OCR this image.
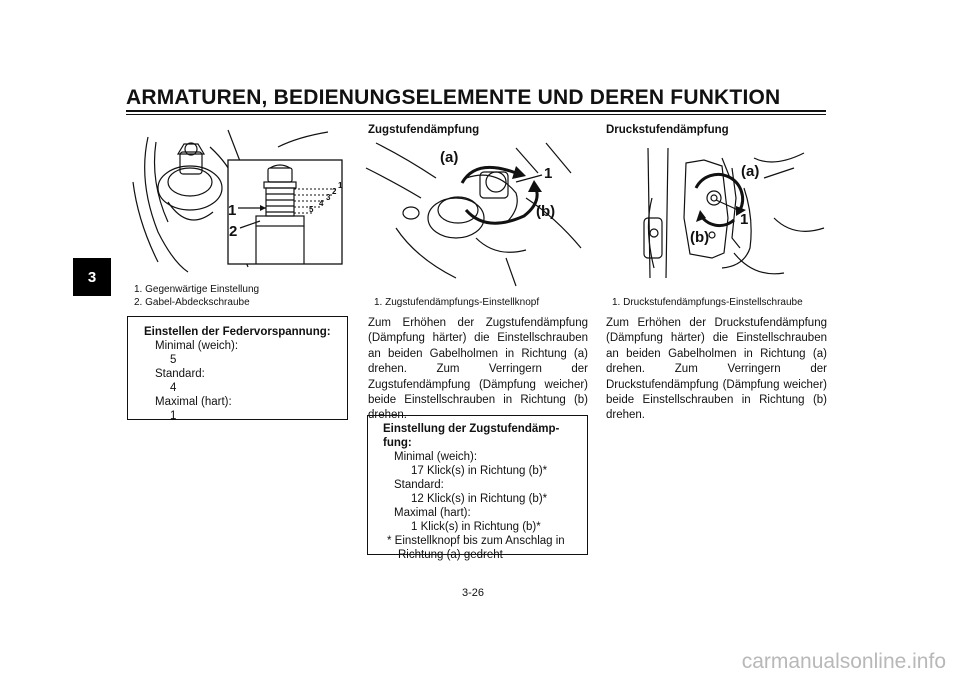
ARMATUREN, BEDIENUNGSELEMENTE UND DEREN FUNKTION
3
1
2
3
4
5
1
2
1. Gegenwärtige Einstellung
2. Gabel-Abdeckschraube
Einstellen der Federvorspannung:
Minimal (weich):
5
Standard:
4
Maximal (hart):
1
Zugstufendämpfung
(a)
1
(b)
1. Zugstufendämpfungs-Einstellknopf
Zum Erhöhen der Zugstufendämpfung (Dämpfung härter) die Einstellschrauben an beiden Gabelholmen in Richtung (a) drehen. Zum Verringern der Zugstufendämpfung (Dämpfung weicher) beide Einstellschrauben in Richtung (b) drehen.
Einstellung der Zugstufendämp-
fung:
Minimal (weich):
17 Klick(s) in Richtung (b)*
Standard:
12 Klick(s) in Richtung (b)*
Maximal (hart):
1 Klick(s) in Richtung (b)*
* Einstellknopf bis zum Anschlag in
Richtung (a) gedreht
Druckstufendämpfung
(a)
1
(b)
1. Druckstufendämpfungs-Einstellschraube
Zum Erhöhen der Druckstufendämpfung (Dämpfung härter) die Einstellschrauben an beiden Gabelholmen in Richtung (a) drehen. Zum Verringern der Druckstufendämpfung (Dämpfung weicher) beide Einstellschrauben in Richtung (b) drehen.
3-26
carmanualsonline.info
